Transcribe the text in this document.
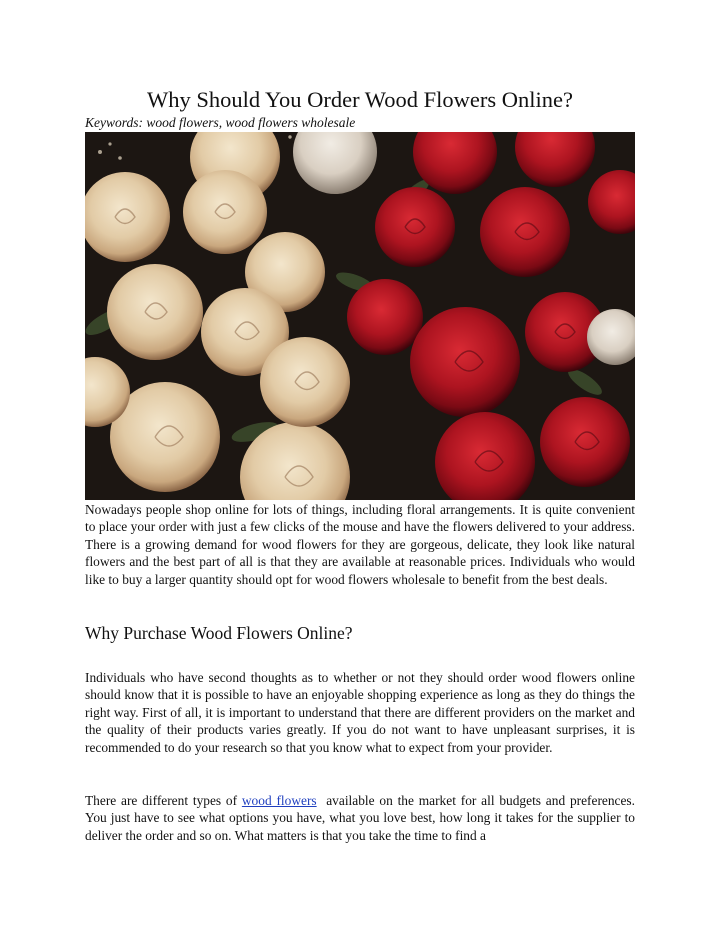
Why Should You Order Wood Flowers Online?
Keywords: wood flowers, wood flowers wholesale

Nowadays people shop online for lots of things, including floral arrangements. It is quite convenient to place your order with just a few clicks of the mouse and have the flowers delivered to your address. There is a growing demand for wood flowers for they are gorgeous, delicate, they look like natural flowers and the best part of all is that they are available at reasonable prices. Individuals who would like to buy a larger quantity should opt for wood flowers wholesale to benefit from the best deals.

Why Purchase Wood Flowers Online?

Individuals who have second thoughts as to whether or not they should order wood flowers online should know that it is possible to have an enjoyable shopping experience as long as they do things the right way. First of all, it is important to understand that there are different providers on the market and the quality of their products varies greatly. If you do not want to have unpleasant surprises, it is recommended to do your research so that you know what to expect from your provider.

There are different types of wood flowers  available on the market for all budgets and preferences. You just have to see what options you have, what you love best, how long it takes for the supplier to deliver the order and so on. What matters is that you take the time to find a
